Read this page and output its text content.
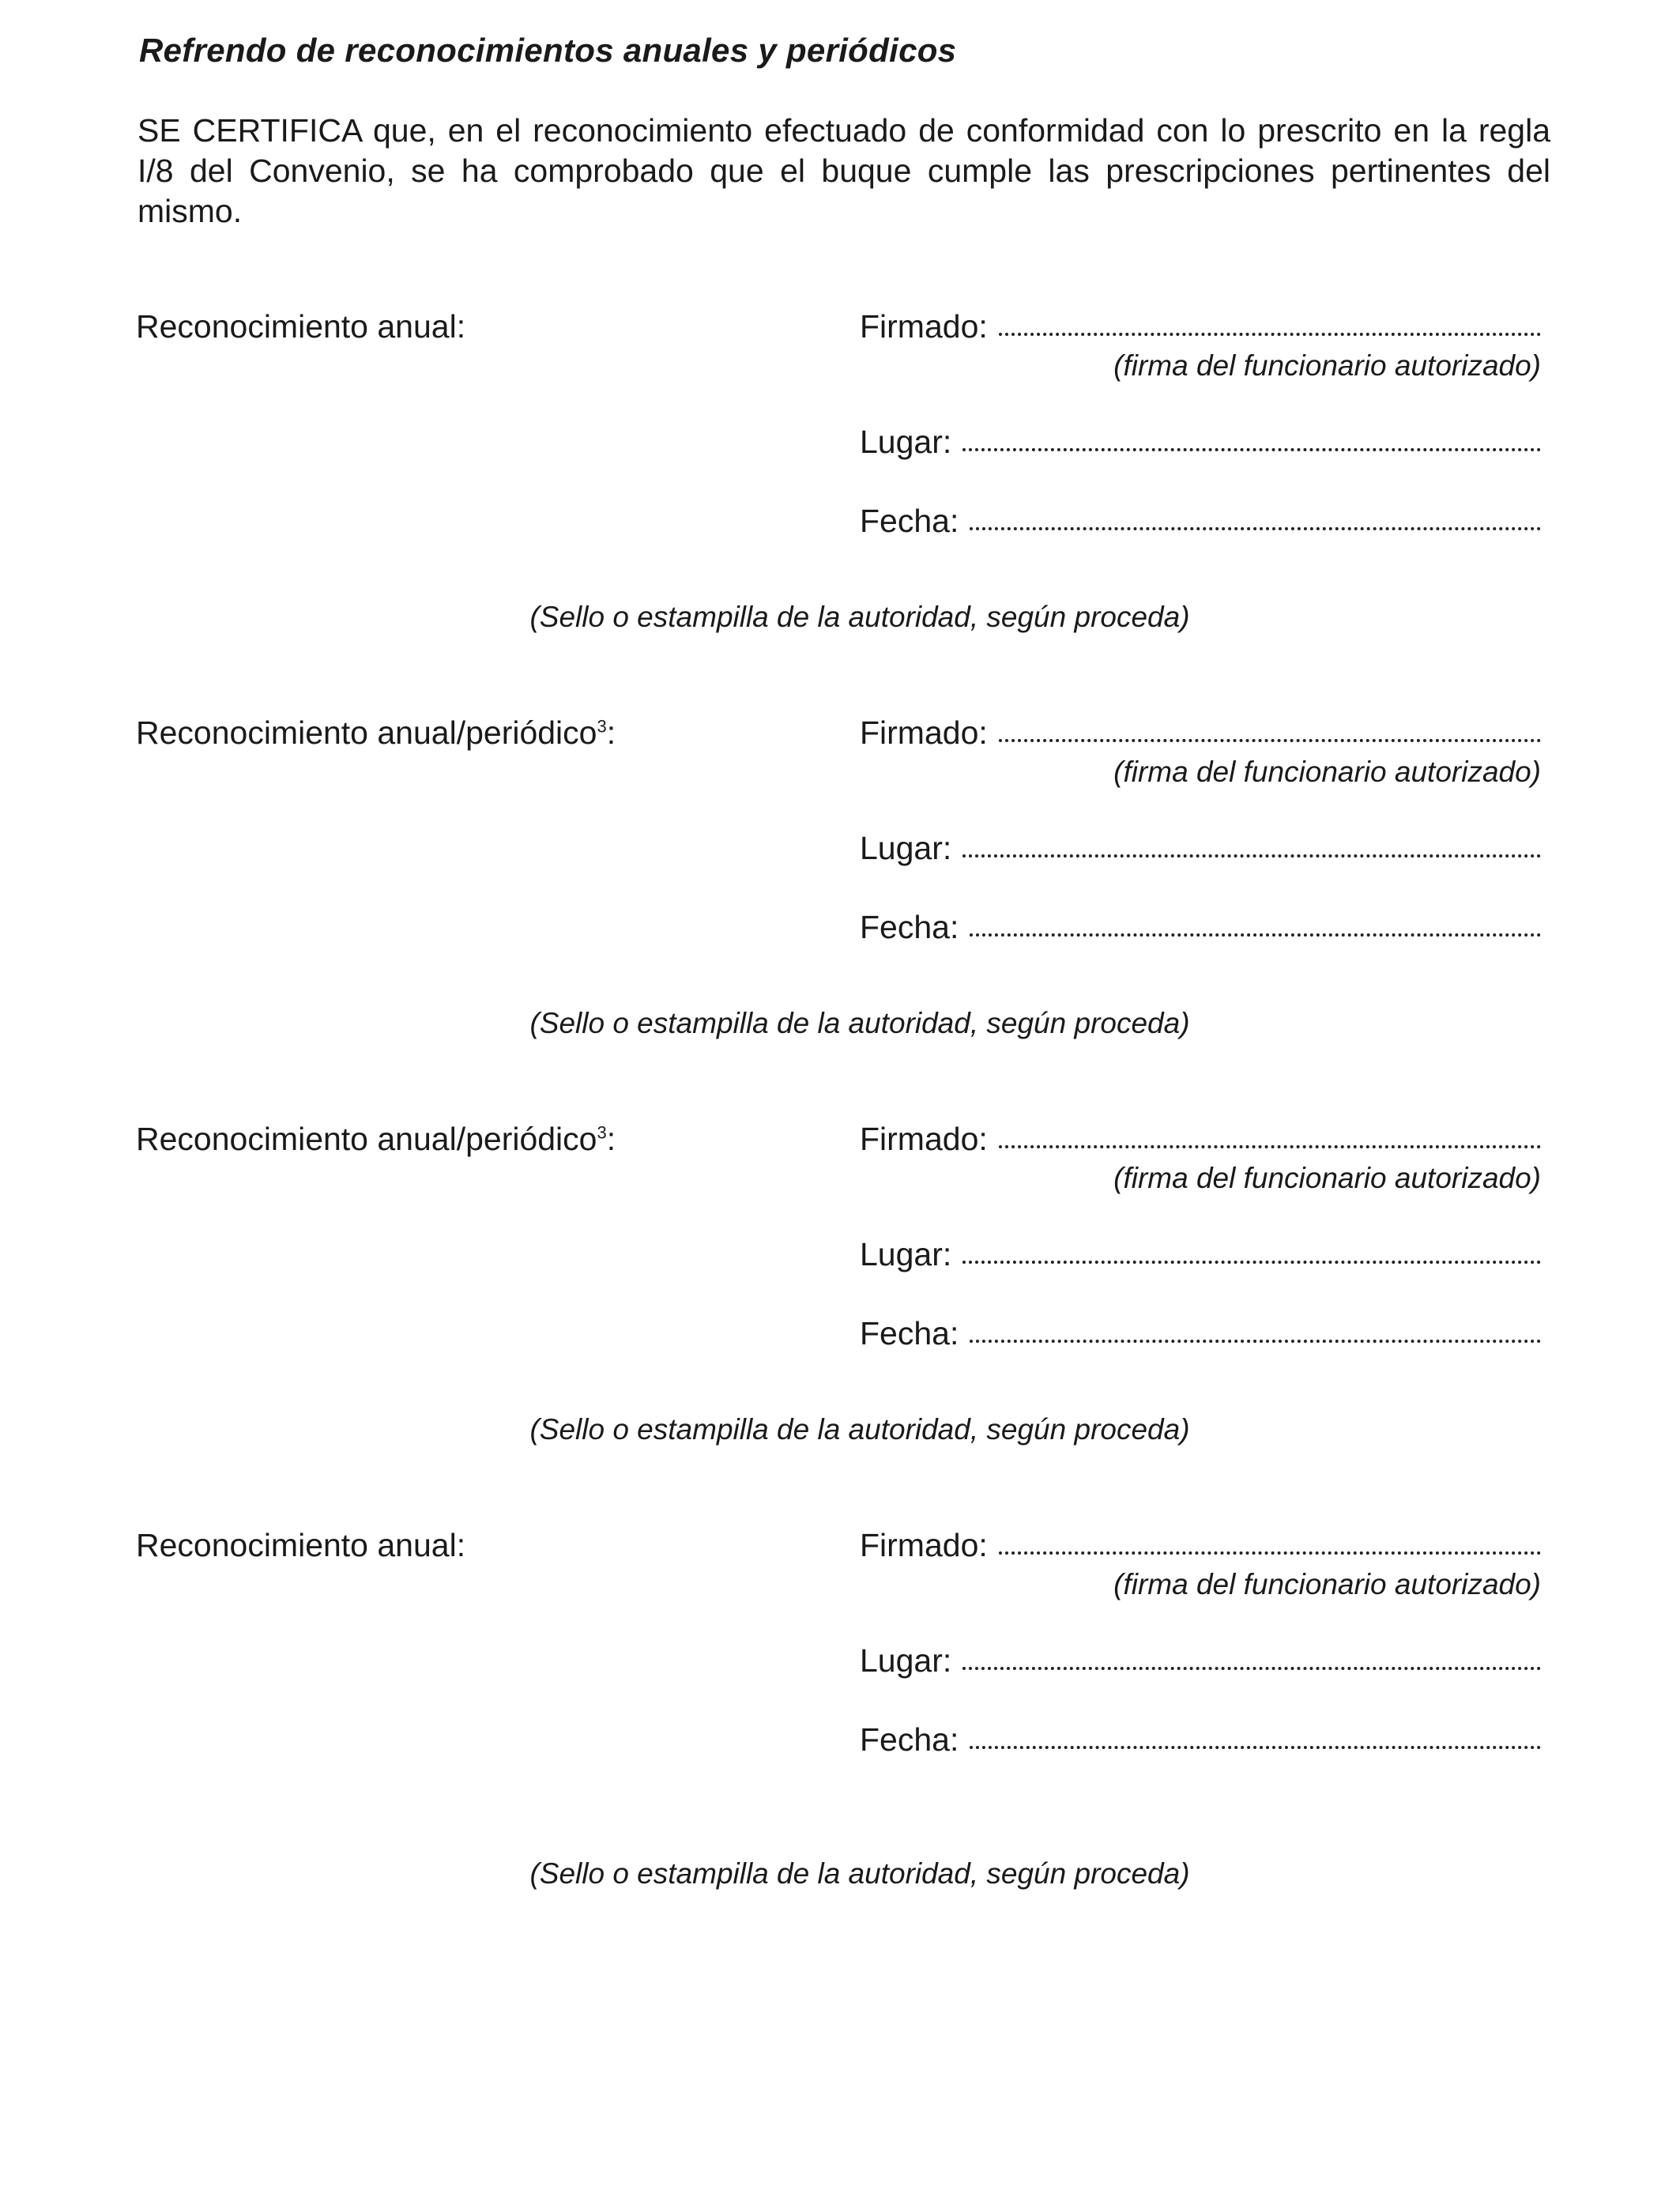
Refrendo de reconocimientos anuales y periódicos

SE CERTIFICA que, en el reconocimiento efectuado de conformidad con lo prescrito en la regla I/8 del Convenio, se ha comprobado que el buque cumple las prescripciones pertinentes del mismo.

Reconocimiento anual:	Firmado:
(firma del funcionario autorizado)
Lugar:
Fecha:
(Sello o estampilla de la autoridad, según proceda)
Reconocimiento anual/periódico$^3$:	Firmado:
(firma del funcionario autorizado)
Lugar:
Fecha:
(Sello o estampilla de la autoridad, según proceda)
Reconocimiento anual/periódico$^3$:	Firmado:
(firma del funcionario autorizado)
Lugar:
Fecha:
(Sello o estampilla de la autoridad, según proceda)
Reconocimiento anual:	Firmado:
(firma del funcionario autorizado)
Lugar:
Fecha:
(Sello o estampilla de la autoridad, según proceda)
